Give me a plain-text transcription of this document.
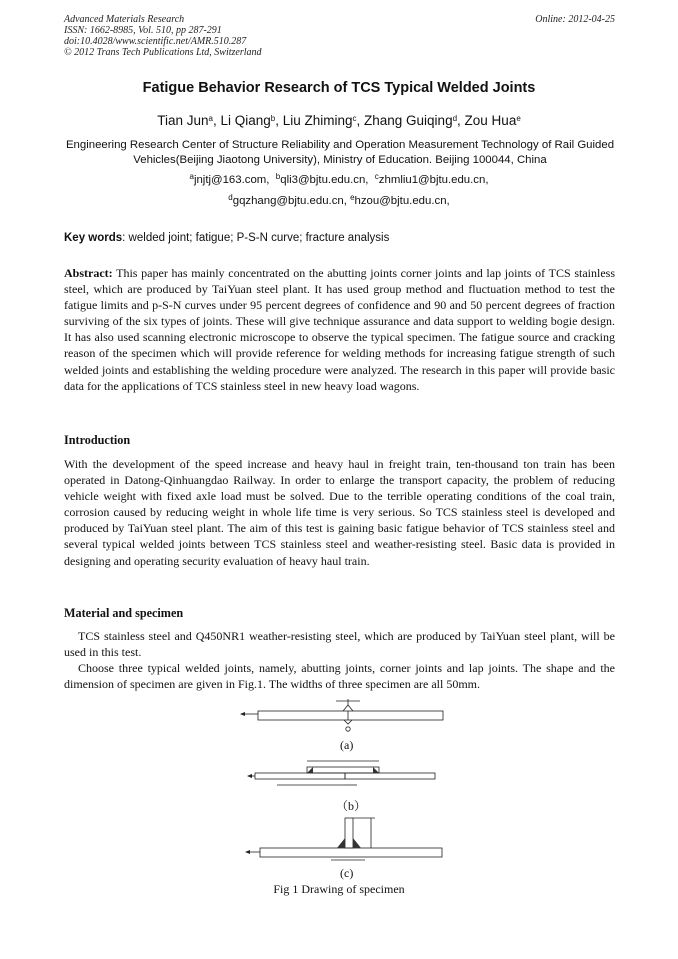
Advanced Materials Research
ISSN: 1662-8985, Vol. 510, pp 287-291
doi:10.4028/www.scientific.net/AMR.510.287
© 2012 Trans Tech Publications Ltd, Switzerland
Online: 2012-04-25
Fatigue Behavior Research of TCS Typical Welded Joints
Tian Jun$^a$, Li Qiang$^b$, Liu Zhiming$^c$, Zhang Guiqing$^d$, Zou Hua$^e$
Engineering Research Center of Structure Reliability and Operation Measurement Technology of Rail Guided Vehicles(Beijing Jiaotong University), Ministry of Education. Beijing 100044, China
$^a$jnjtj@163.com, $^b$qli3@bjtu.edu.cn, $^c$zhmliu1@bjtu.edu.cn,
$^d$gqzhang@bjtu.edu.cn, $^e$hzou@bjtu.edu.cn,
Key words: welded joint; fatigue; P-S-N curve; fracture analysis
Abstract: This paper has mainly concentrated on the abutting joints corner joints and lap joints of TCS stainless steel, which are produced by TaiYuan steel plant. It has used group method and fluctuation method to test the fatigue limits and p-S-N curves under 95 percent degrees of confidence and 90 and 50 percent degrees of fraction surviving of the six types of joints. These will give technique assurance and data support to welding bogie design. It has also used scanning electronic microscope to observe the typical specimen. The fatigue source and cracking reason of the specimen which will provide reference for welding methods for increasing fatigue strength of such welded joints and establishing the welding procedure were analyzed. The research in this paper will provide basic data for the applications of TCS stainless steel in new heavy load wagons.
Introduction
With the development of the speed increase and heavy haul in freight train, ten-thousand ton train has been operated in Datong-Qinhuangdao Railway. In order to enlarge the transport capacity, the problem of reducing vehicle weight with fixed axle load must be solved. Due to the terrible operating conditions of the coal train, corrosion caused by reducing weight in whole life time is very serious. So TCS stainless steel is developed and produced by TaiYuan steel plant. The aim of this test is gaining basic fatigue behavior of TCS stainless steel and several typical welded joints between TCS stainless steel and weather-resisting steel. Basic data is provided in designing and operating security evaluation of heavy haul train.
Material and specimen
TCS stainless steel and Q450NR1 weather-resisting steel, which are produced by TaiYuan steel plant, will be used in this test.
Choose three typical welded joints, namely, abutting joints, corner joints and lap joints. The shape and the dimension of specimen are given in Fig.1. The widths of three specimen are all 50mm.
(a)
（b）
(c)
Fig 1 Drawing of specimen
